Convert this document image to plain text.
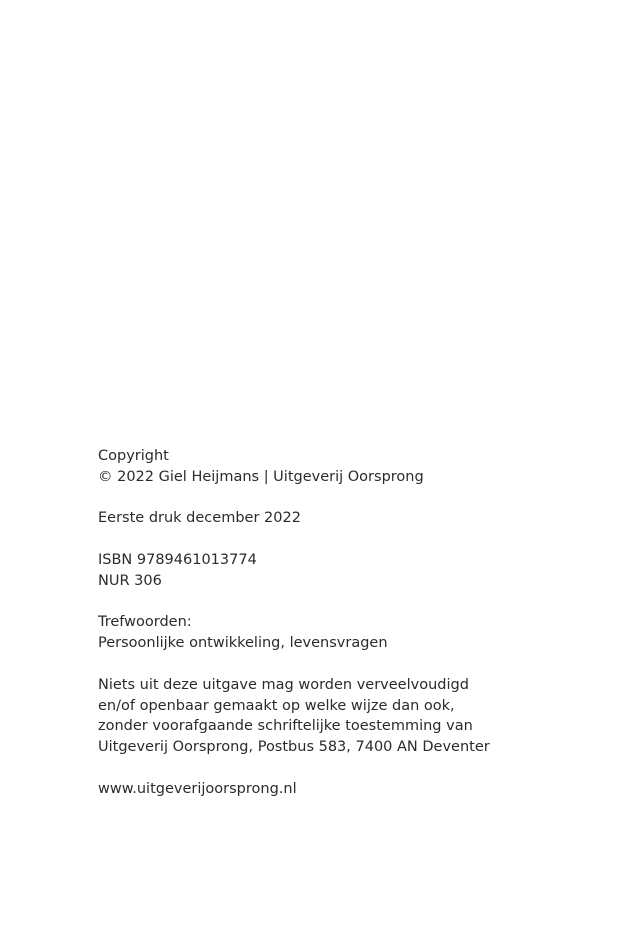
Copyright
© 2022 Giel Heijmans | Uitgeverij Oorsprong
Eerste druk december 2022
ISBN 9789461013774
NUR 306
Trefwoorden:
Persoonlijke ontwikkeling, levensvragen
Niets uit deze uitgave mag worden verveelvoudigd
en/of openbaar gemaakt op welke wijze dan ook,
zonder voorafgaande schriftelijke toestemming van
Uitgeverij Oorsprong, Postbus 583, 7400 AN Deventer
www.uitgeverijoorsprong.nl
